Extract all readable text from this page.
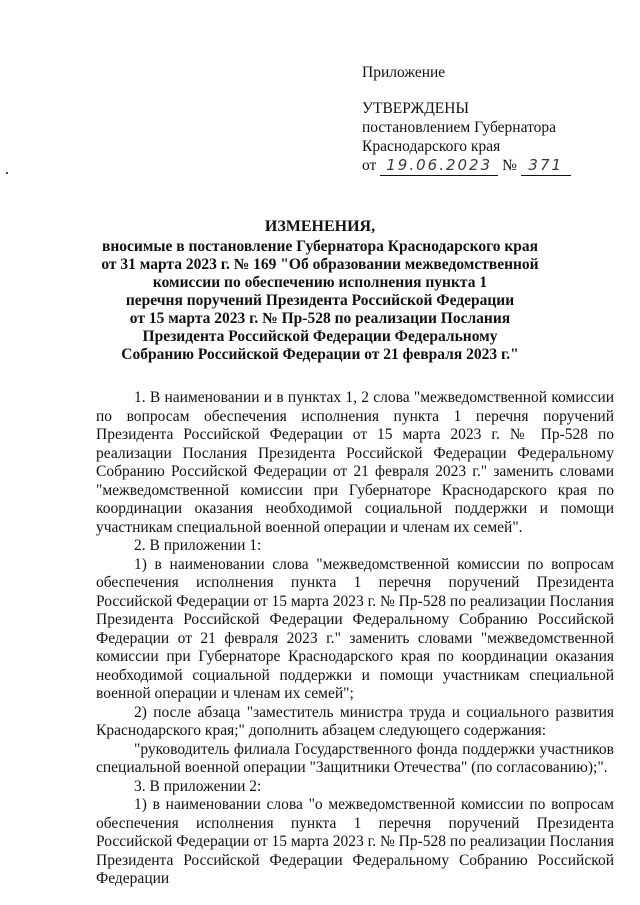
Приложение
УТВЕРЖДЕНЫ
постановлением Губернатора
Краснодарского края
от 19.06.2023 № 371
ИЗМЕНЕНИЯ,
вносимые в постановление Губернатора Краснодарского края
от 31 марта 2023 г. № 169 "Об образовании межведомственной
комиссии по обеспечению исполнения пункта 1
перечня поручений Президента Российской Федерации
от 15 марта 2023 г. № Пр-528 по реализации Послания
Президента Российской Федерации Федеральному
Собранию Российской Федерации от 21 февраля 2023 г."

1. В наименовании и в пунктах 1, 2 слова "межведомственной комиссии по вопросам обеспечения исполнения пункта 1 перечня поручений Президента Российской Федерации от 15 марта 2023 г. № Пр-528 по реализации Послания Президента Российской Федерации Федеральному Собранию Российской Федерации от 21 февраля 2023 г." заменить словами "межведомственной комиссии при Губернаторе Краснодарского края по координации оказания необходимой социальной поддержки и помощи участникам специальной военной операции и членам их семей".

2. В приложении 1:

1) в наименовании слова "межведомственной комиссии по вопросам обеспечения исполнения пункта 1 перечня поручений Президента Российской Федерации от 15 марта 2023 г. № Пр-528 по реализации Послания Президента Российской Федерации Федеральному Собранию Российской Федерации от 21 февраля 2023 г." заменить словами "межведомственной комиссии при Губернаторе Краснодарского края по координации оказания необходимой социальной поддержки и помощи участникам специальной военной операции и членам их семей";

2) после абзаца "заместитель министра труда и социального развития Краснодарского края;" дополнить абзацем следующего содержания:

"руководитель филиала Государственного фонда поддержки участников специальной военной операции "Защитники Отечества" (по согласованию);".

3. В приложении 2:

1) в наименовании слова "о межведомственной комиссии по вопросам обеспечения исполнения пункта 1 перечня поручений Президента Российской Федерации от 15 марта 2023 г. № Пр-528 по реализации Послания Президента Российской Федерации Федеральному Собранию Российской Федерации
